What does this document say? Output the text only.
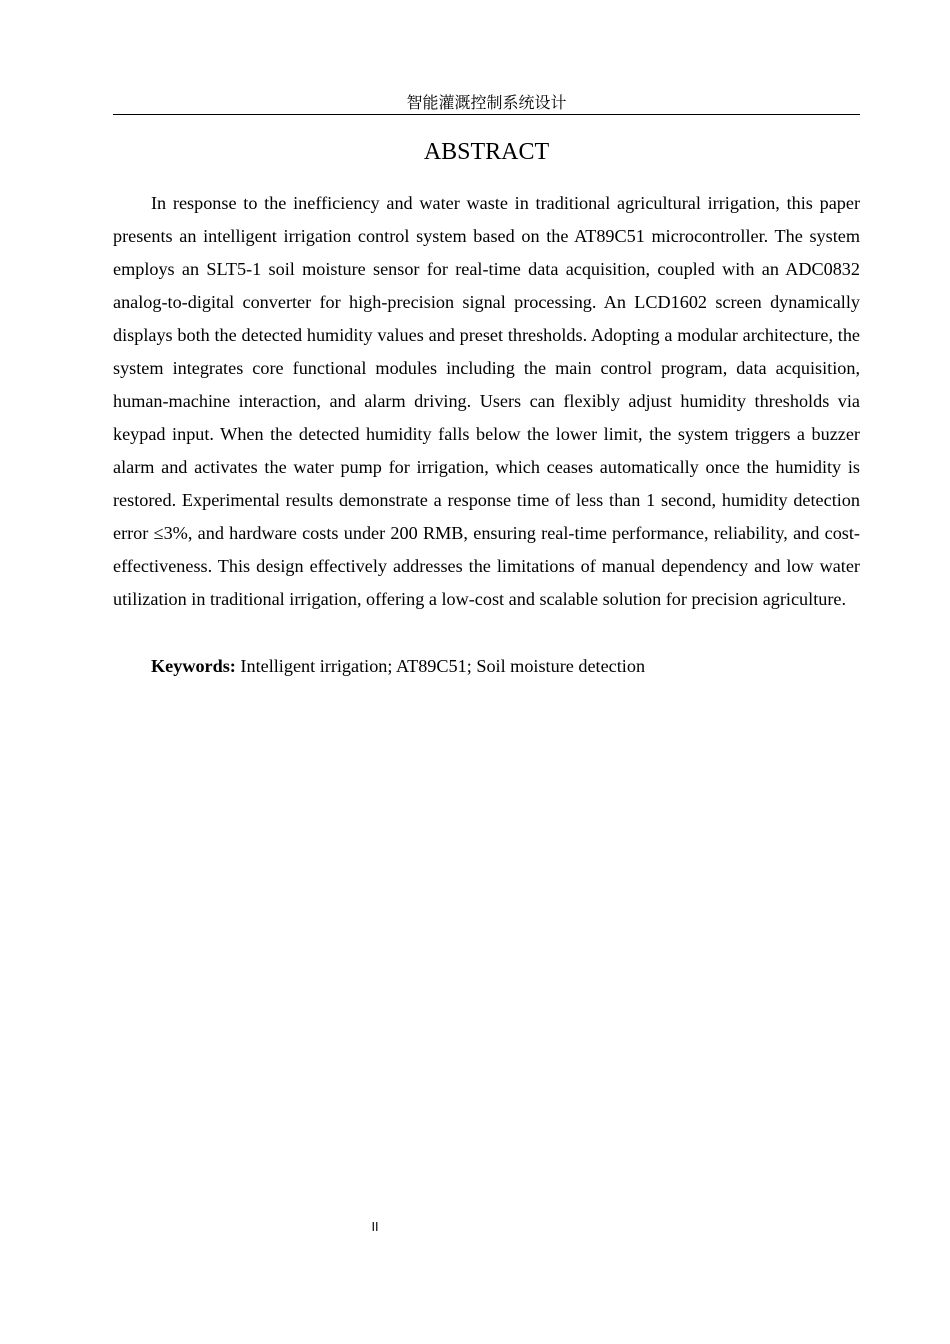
智能灌溉控制系统设计
ABSTRACT

In response to the inefficiency and water waste in traditional agricultural irrigation, this paper presents an intelligent irrigation control system based on the AT89C51 microcontroller. The system employs an SLT5-1 soil moisture sensor for real-time data acquisition, coupled with an ADC0832 analog-to-digital converter for high-precision signal processing. An LCD1602 screen dynamically displays both the detected humidity values and preset thresholds. Adopting a modular architecture, the system integrates core functional modules including the main control program, data acquisition, human-machine interaction, and alarm driving. Users can flexibly adjust humidity thresholds via keypad input. When the detected humidity falls below the lower limit, the system triggers a buzzer alarm and activates the water pump for irrigation, which ceases automatically once the humidity is restored. Experimental results demonstrate a response time of less than 1 second, humidity detection error ≤3%, and hardware costs under 200 RMB, ensuring real-time performance, reliability, and cost-effectiveness. This design effectively addresses the limitations of manual dependency and low water utilization in traditional irrigation, offering a low-cost and scalable solution for precision agriculture.

Keywords: Intelligent irrigation; AT89C51; Soil moisture detection

II
